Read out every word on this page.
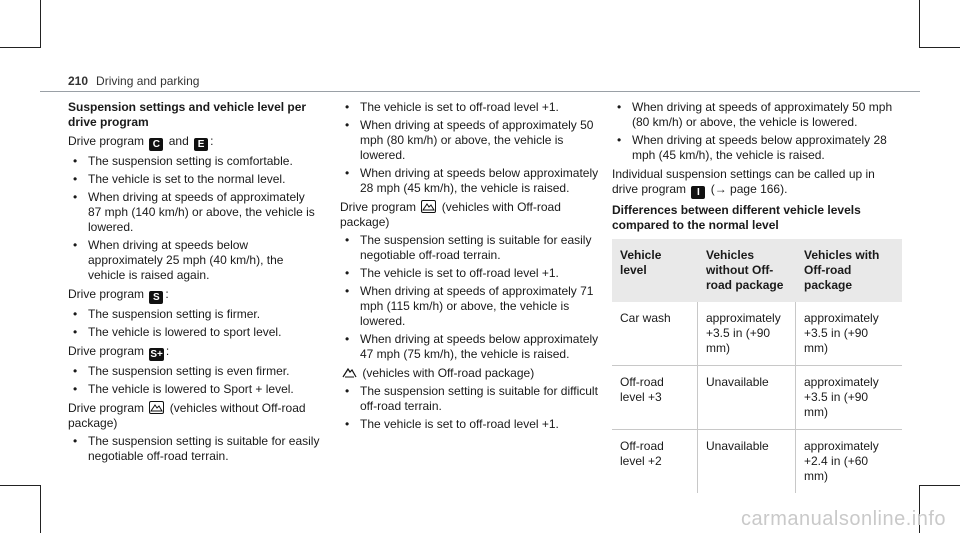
210 Driving and parking
Suspension settings and vehicle level per drive program
Drive program C and E :
• The suspension setting is comfortable.
• The vehicle is set to the normal level.
• When driving at speeds of approximately 87 mph (140 km/h) or above, the vehicle is lowered.
• When driving at speeds below approximately 25 mph (40 km/h), the vehicle is raised again.
Drive program S :
• The suspension setting is firmer.
• The vehicle is lowered to sport level.
Drive program S+ :
• The suspension setting is even firmer.
• The vehicle is lowered to Sport + level.
Drive program (vehicles without Off-road package)
• The suspension setting is suitable for easily negotiable off-road terrain.
• The vehicle is set to off-road level +1.
• When driving at speeds of approximately 50 mph (80 km/h) or above, the vehicle is lowered.
• When driving at speeds below approximately 28 mph (45 km/h), the vehicle is raised.
Drive program (vehicles with Off-road package)
• The suspension setting is suitable for easily negotiable off-road terrain.
• The vehicle is set to off-road level +1.
• When driving at speeds of approximately 71 mph (115 km/h) or above, the vehicle is lowered.
• When driving at speeds below approximately 47 mph (75 km/h), the vehicle is raised.
(vehicles with Off-road package)
• The suspension setting is suitable for difficult off-road terrain.
• The vehicle is set to off-road level +1.
• When driving at speeds of approximately 50 mph (80 km/h) or above, the vehicle is lowered.
• When driving at speeds below approximately 28 mph (45 km/h), the vehicle is raised.
Individual suspension settings can be called up in drive program I (→ page 166).
Differences between different vehicle levels compared to the normal level
Vehicle level	Vehicles without Off-road package	Vehicles with Off-road package
Car wash	approximately +3.5 in (+90 mm)	approximately +3.5 in (+90 mm)
Off-road level +3	Unavailable	approximately +3.5 in (+90 mm)
Off-road level +2	Unavailable	approximately +2.4 in (+60 mm)
carmanualsonline.info
